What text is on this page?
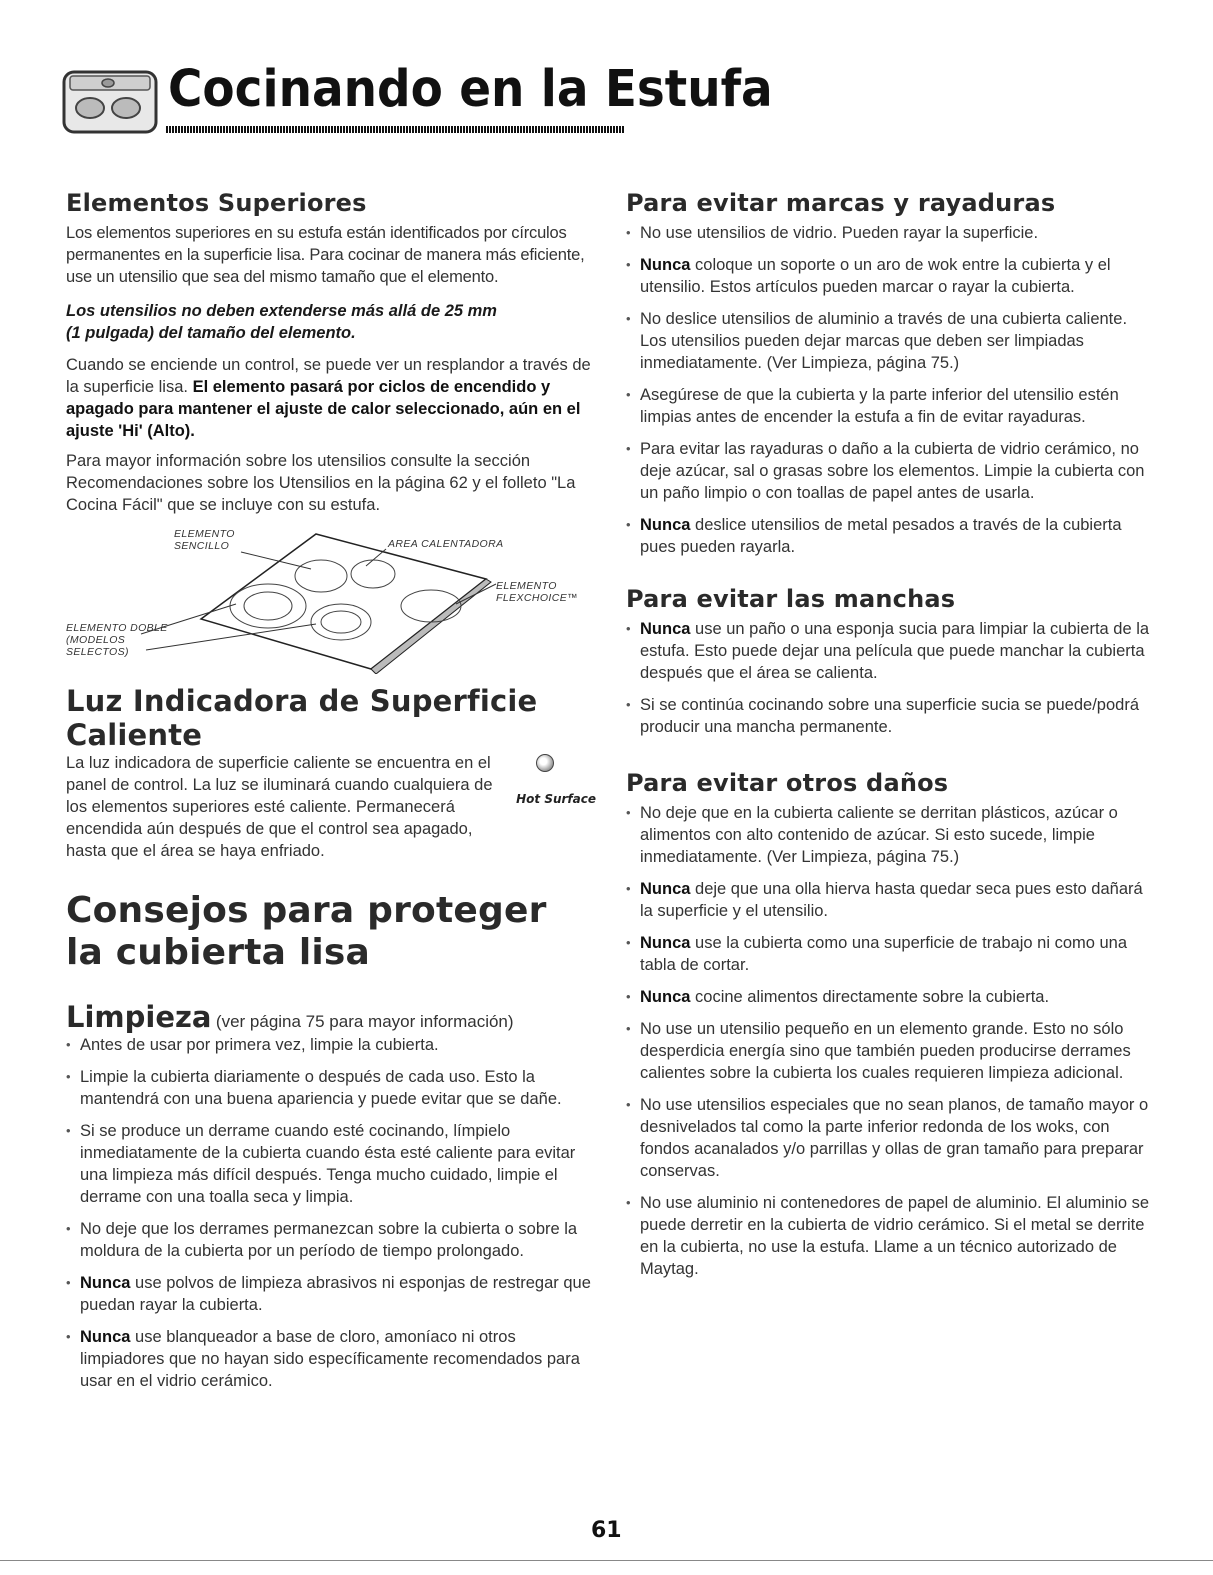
Cocinando en la Estufa
Elementos Superiores

Los elementos superiores en su estufa están identificados por círculos permanentes en la superficie lisa. Para cocinar de manera más eficiente, use un utensilio que sea del mismo tamaño que el elemento.

Los utensilios no deben extenderse más allá de 25 mm

(1 pulgada) del tamaño del elemento.

Cuando se enciende un control, se puede ver un resplandor a través de la superficie lisa. El elemento pasará por ciclos de encendido y apagado para mantener el ajuste de calor seleccionado, aún en el ajuste 'Hi' (Alto).

Para mayor información sobre los utensilios consulte la sección Recomendaciones sobre los Utensilios en la página 62 y el folleto "La Cocina Fácil" que se incluye con su estufa.

ELEMENTO
SENCILLO	AREA CALENTADORA
ELEMENTO
FLEXCHOICE™
ELEMENTO DOBLE
(MODELOS
SELECTOS)
Luz Indicadora de Superficie Caliente

La luz indicadora de superficie caliente se encuentra en el panel de control. La luz se iluminará cuando cualquiera de los elementos superiores esté caliente. Permanecerá encendida aún después de que el control sea apagado, hasta que el área se haya enfriado.

Hot Surface
Consejos para proteger la cubierta lisa
Limpieza (ver página 75 para mayor información)
• Antes de usar por primera vez, limpie la cubierta.
• Limpie la cubierta diariamente o después de cada uso. Esto la mantendrá con una buena apariencia y puede evitar que se dañe.
• Si se produce un derrame cuando esté cocinando, límpielo inmediatamente de la cubierta cuando ésta esté caliente para evitar una limpieza más difícil después. Tenga mucho cuidado, limpie el derrame con una toalla seca y limpia.
• No deje que los derrames permanezcan sobre la cubierta o sobre la moldura de la cubierta por un período de tiempo prolongado.
• Nunca use polvos de limpieza abrasivos ni esponjas de restregar que puedan rayar la cubierta.
• Nunca use blanqueador a base de cloro, amoníaco ni otros limpiadores que no hayan sido específicamente recomendados para usar en el vidrio cerámico.
Para evitar marcas y rayaduras
• No use utensilios de vidrio. Pueden rayar la superficie.
• Nunca coloque un soporte o un aro de wok entre la cubierta y el utensilio. Estos artículos pueden marcar o rayar la cubierta.
• No deslice utensilios de aluminio a través de una cubierta caliente. Los utensilios pueden dejar marcas que deben ser limpiadas inmediatamente. (Ver Limpieza, página 75.)
• Asegúrese de que la cubierta y la parte inferior del utensilio estén limpias antes de encender la estufa a fin de evitar rayaduras.
• Para evitar las rayaduras o daño a la cubierta de vidrio cerámico, no deje azúcar, sal o grasas sobre los elementos. Limpie la cubierta con un paño limpio o con toallas de papel antes de usarla.
• Nunca deslice utensilios de metal pesados a través de la cubierta pues pueden rayarla.
Para evitar las manchas
• Nunca use un paño o una esponja sucia para limpiar la cubierta de la estufa. Esto puede dejar una película que puede manchar la cubierta después que el área se calienta.
• Si se continúa cocinando sobre una superficie sucia se puede/podrá producir una mancha permanente.
Para evitar otros daños
• No deje que en la cubierta caliente se derritan plásticos, azúcar o alimentos con alto contenido de azúcar. Si esto sucede, limpie inmediatamente. (Ver Limpieza, página 75.)
• Nunca deje que una olla hierva hasta quedar seca pues esto dañará la superficie y el utensilio.
• Nunca use la cubierta como una superficie de trabajo ni como una tabla de cortar.
• Nunca cocine alimentos directamente sobre la cubierta.
• No use un utensilio pequeño en un elemento grande. Esto no sólo desperdicia energía sino que también pueden producirse derrames calientes sobre la cubierta los cuales requieren limpieza adicional.
• No use utensilios especiales que no sean planos, de tamaño mayor o desnivelados tal como la parte inferior redonda de los woks, con fondos acanalados y/o parrillas y ollas de gran tamaño para preparar conservas.
• No use aluminio ni contenedores de papel de aluminio. El aluminio se puede derretir en la cubierta de vidrio cerámico. Si el metal se derrite en la cubierta, no use la estufa. Llame a un técnico autorizado de Maytag.
61
